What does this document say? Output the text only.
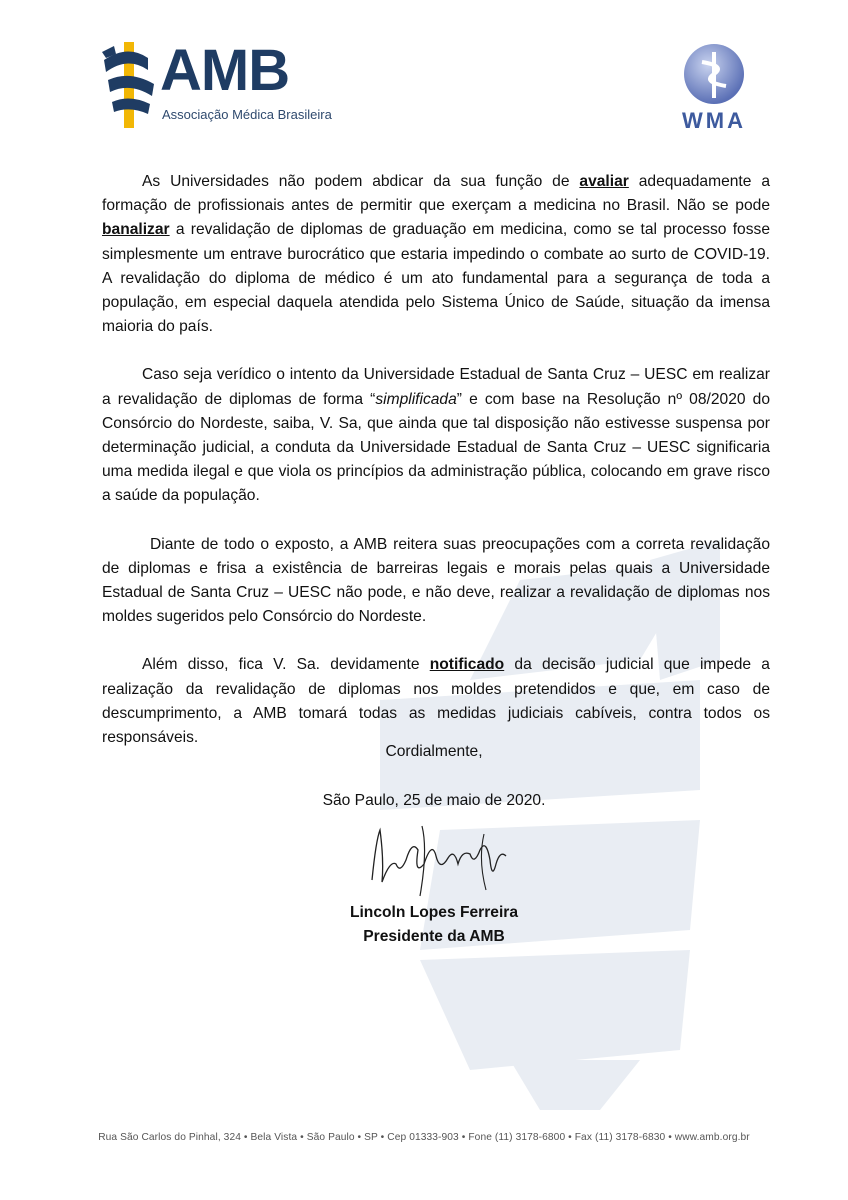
AMB
Associação Médica Brasileira	WMA

As Universidades não podem abdicar da sua função de avaliar adequadamente a formação de profissionais antes de permitir que exerçam a medicina no Brasil. Não se pode banalizar a revalidação de diplomas de graduação em medicina, como se tal processo fosse simplesmente um entrave burocrático que estaria impedindo o combate ao surto de COVID-19. A revalidação do diploma de médico é um ato fundamental para a segurança de toda a população, em especial daquela atendida pelo Sistema Único de Saúde, situação da imensa maioria do país.

Caso seja verídico o intento da Universidade Estadual de Santa Cruz – UESC em realizar a revalidação de diplomas de forma “simplificada” e com base na Resolução nº 08/2020 do Consórcio do Nordeste, saiba, V. Sa, que ainda que tal disposição não estivesse suspensa por determinação judicial, a conduta da Universidade Estadual de Santa Cruz – UESC significaria uma medida ilegal e que viola os princípios da administração pública, colocando em grave risco a saúde da população.

Diante de todo o exposto, a AMB reitera suas preocupações com a correta revalidação de diplomas e frisa a existência de barreiras legais e morais pelas quais a Universidade Estadual de Santa Cruz – UESC não pode, e não deve, realizar a revalidação de diplomas nos moldes sugeridos pelo Consórcio do Nordeste.

Além disso, fica V. Sa. devidamente notificado da decisão judicial que impede a realização da revalidação de diplomas nos moldes pretendidos e que, em caso de descumprimento, a AMB tomará todas as medidas judiciais cabíveis, contra todos os responsáveis.

Cordialmente,
São Paulo, 25 de maio de 2020.
Lincoln Lopes Ferreira
Presidente da AMB
Rua São Carlos do Pinhal, 324 • Bela Vista • São Paulo • SP • Cep 01333-903 • Fone (11) 3178-6800 • Fax (11) 3178-6830 • www.amb.org.br
